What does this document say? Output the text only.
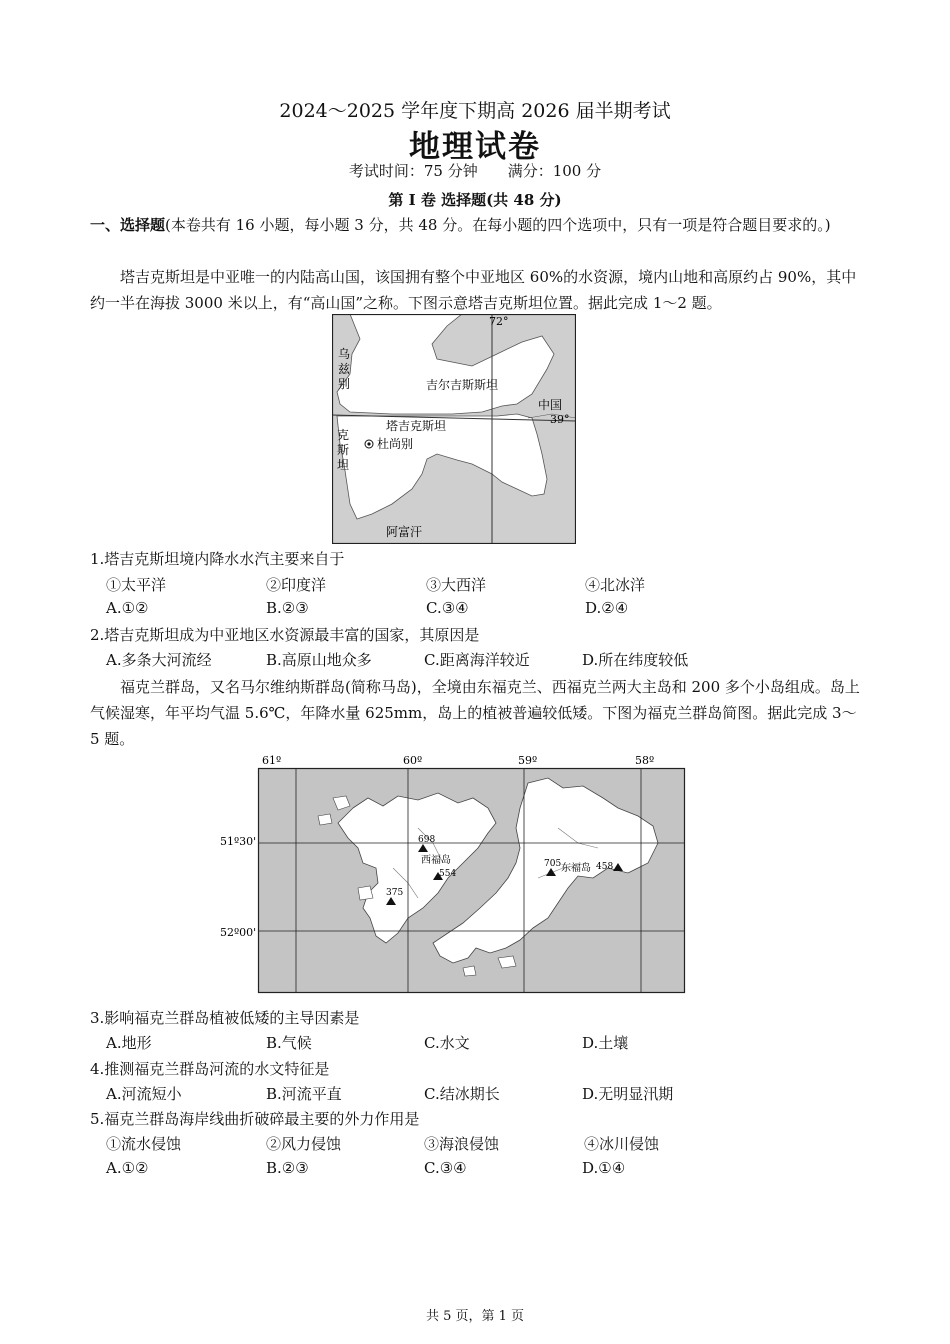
2024～2025 学年度下期高 2026 届半期考试
地理试卷
考试时间：75 分钟　　满分：100 分
第 I 卷 选择题(共 48 分)
一、选择题(本卷共有 16 小题，每小题 3 分，共 48 分。在每小题的四个选项中，只有一项是符合题目要求的。)
塔吉克斯坦是中亚唯一的内陆高山国，该国拥有整个中亚地区 60%的水资源，境内山地和高原约占 90%，其中约一半在海拔 3000 米以上，有“高山国”之称。下图示意塔吉克斯坦位置。据此完成 1～2 题。
72°
39°
乌
兹
别	吉尔吉斯斯坦
中国
塔吉克斯坦
杜尚别
克
斯
坦
阿富汗
1.塔吉克斯坦境内降水水汽主要来自于
①太平洋	②印度洋	③大西洋	④北冰洋
A.①②	B.②③	C.③④	D.②④
2.塔吉克斯坦成为中亚地区水资源最丰富的国家，其原因是
A.多条大河流经	B.高原山地众多	C.距离海洋较近	D.所在纬度较低
福克兰群岛，又名马尔维纳斯群岛(简称马岛)，全境由东福克兰、西福克兰两大主岛和 200 多个小岛组成。岛上气候湿寒，年平均气温 5.6℃，年降水量 625mm，岛上的植被普遍较低矮。下图为福克兰群岛简图。据此完成 3～5 题。
61º	60º	59º	58º
51º30'
52º00'
698
西福岛
554
375
705 东福岛 458
3.影响福克兰群岛植被低矮的主导因素是
A.地形	B.气候	C.水文	D.土壤
4.推测福克兰群岛河流的水文特征是
A.河流短小	B.河流平直	C.结冰期长	D.无明显汛期
5.福克兰群岛海岸线曲折破碎最主要的外力作用是
①流水侵蚀	②风力侵蚀	③海浪侵蚀	④冰川侵蚀
A.①②	B.②③	C.③④	D.①④
共 5 页，第 1 页
